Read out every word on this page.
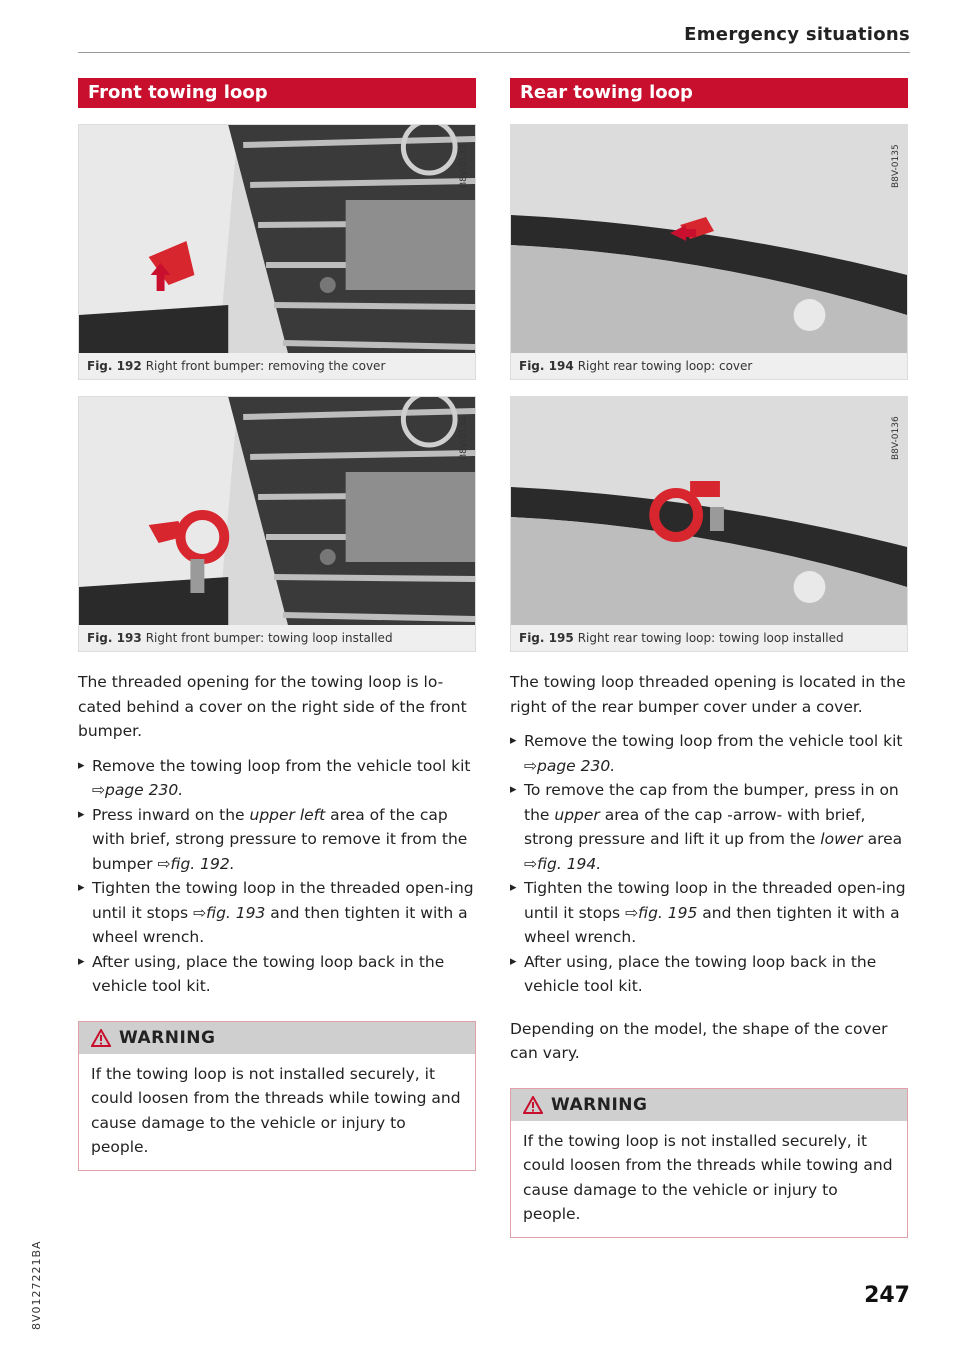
Emergency situations
Front towing loop
B8V-0133
Fig. 192 Right front bumper: removing the cover
B8V-0134
Fig. 193 Right front bumper: towing loop installed

The threaded opening for the towing loop is lo-cated behind a cover on the right side of the front bumper.

▸ Remove the towing loop from the vehicle tool kit ⇨page 230.
▸ Press inward on the upper left area of the cap with brief, strong pressure to remove it from the bumper ⇨fig. 192.
▸ Tighten the towing loop in the threaded open-ing until it stops ⇨fig. 193 and then tighten it with a wheel wrench.
▸ After using, place the towing loop back in the vehicle tool kit.
WARNING
If the towing loop is not installed securely, it could loosen from the threads while towing and cause damage to the vehicle or injury to people.
Rear towing loop
B8V-0135
Fig. 194 Right rear towing loop: cover
B8V-0136
Fig. 195 Right rear towing loop: towing loop installed

The towing loop threaded opening is located in the right of the rear bumper cover under a cover.

▸ Remove the towing loop from the vehicle tool kit ⇨page 230.
▸ To remove the cap from the bumper, press in on the upper area of the cap -arrow- with brief, strong pressure and lift it up from the lower area ⇨fig. 194.
▸ Tighten the towing loop in the threaded open-ing until it stops ⇨fig. 195 and then tighten it with a wheel wrench.
▸ After using, place the towing loop back in the vehicle tool kit.

Depending on the model, the shape of the cover can vary.

WARNING
If the towing loop is not installed securely, it could loosen from the threads while towing and cause damage to the vehicle or injury to people.
8V0127221BA	247
